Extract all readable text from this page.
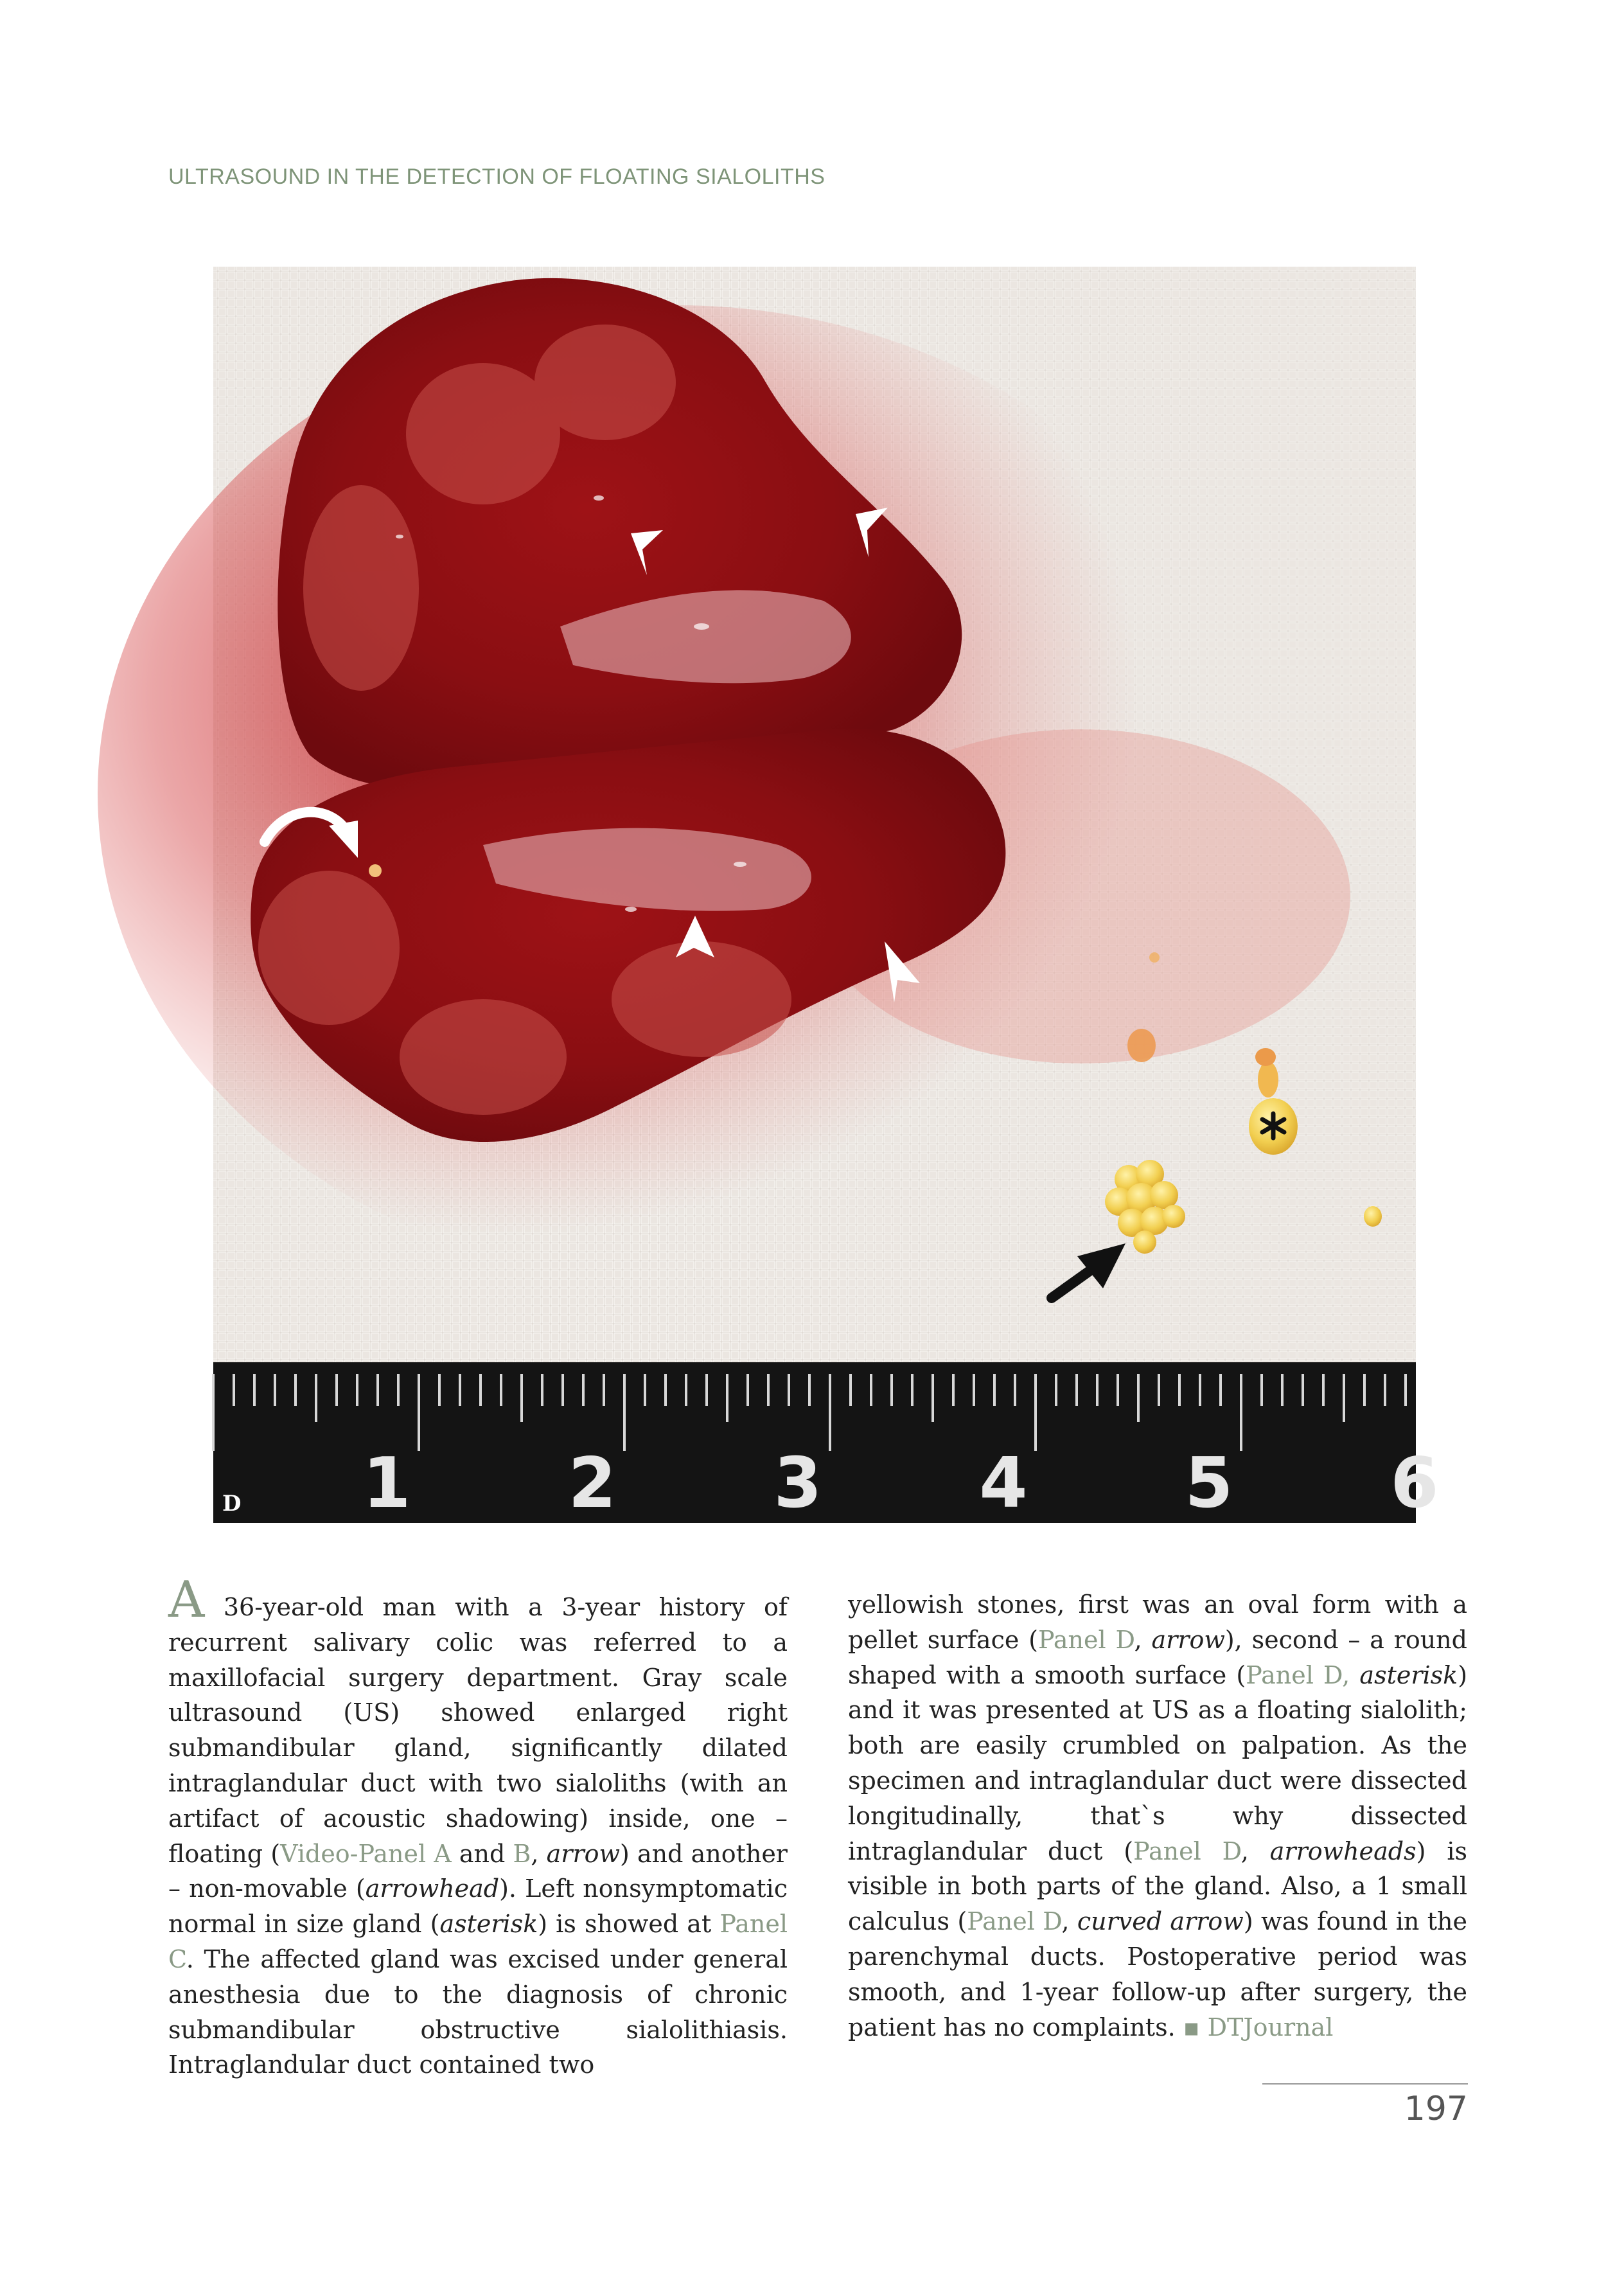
ULTRASOUND IN THE DETECTION OF FLOATING SIALOLITHS
1 2 3 4 5 6
D

A 36-year-old man with a 3-year history of recurrent salivary colic was referred to a maxillofacial surgery department. Gray scale ultrasound (US) showed enlarged right submandibular gland, significantly dilated intraglandular duct with two sialoliths (with an artifact of acoustic shadowing) inside, one – floating (Video-Panel A and B, arrow) and another – non-movable (arrowhead). Left nonsymptomatic normal in size gland (asterisk) is showed at Panel C. The affected gland was excised under general anesthesia due to the diagnosis of chronic submandibular obstructive sialolithiasis. Intraglandular duct contained two

yellowish stones, first was an oval form with a pellet surface (Panel D, arrow), second – a round shaped with a smooth surface (Panel D, asterisk) and it was presented at US as a floating sialolith; both are easily crumbled on palpation. As the specimen and intraglandular duct were dissected longitudinally, that`s why dissected intraglandular duct (Panel D, arrowheads) is visible in both parts of the gland. Also, a 1 small calculus (Panel D, curved arrow) was found in the parenchymal ducts. Postoperative period was smooth, and 1-year follow-up after surgery, the patient has no complaints. ▪ DTJournal

197
